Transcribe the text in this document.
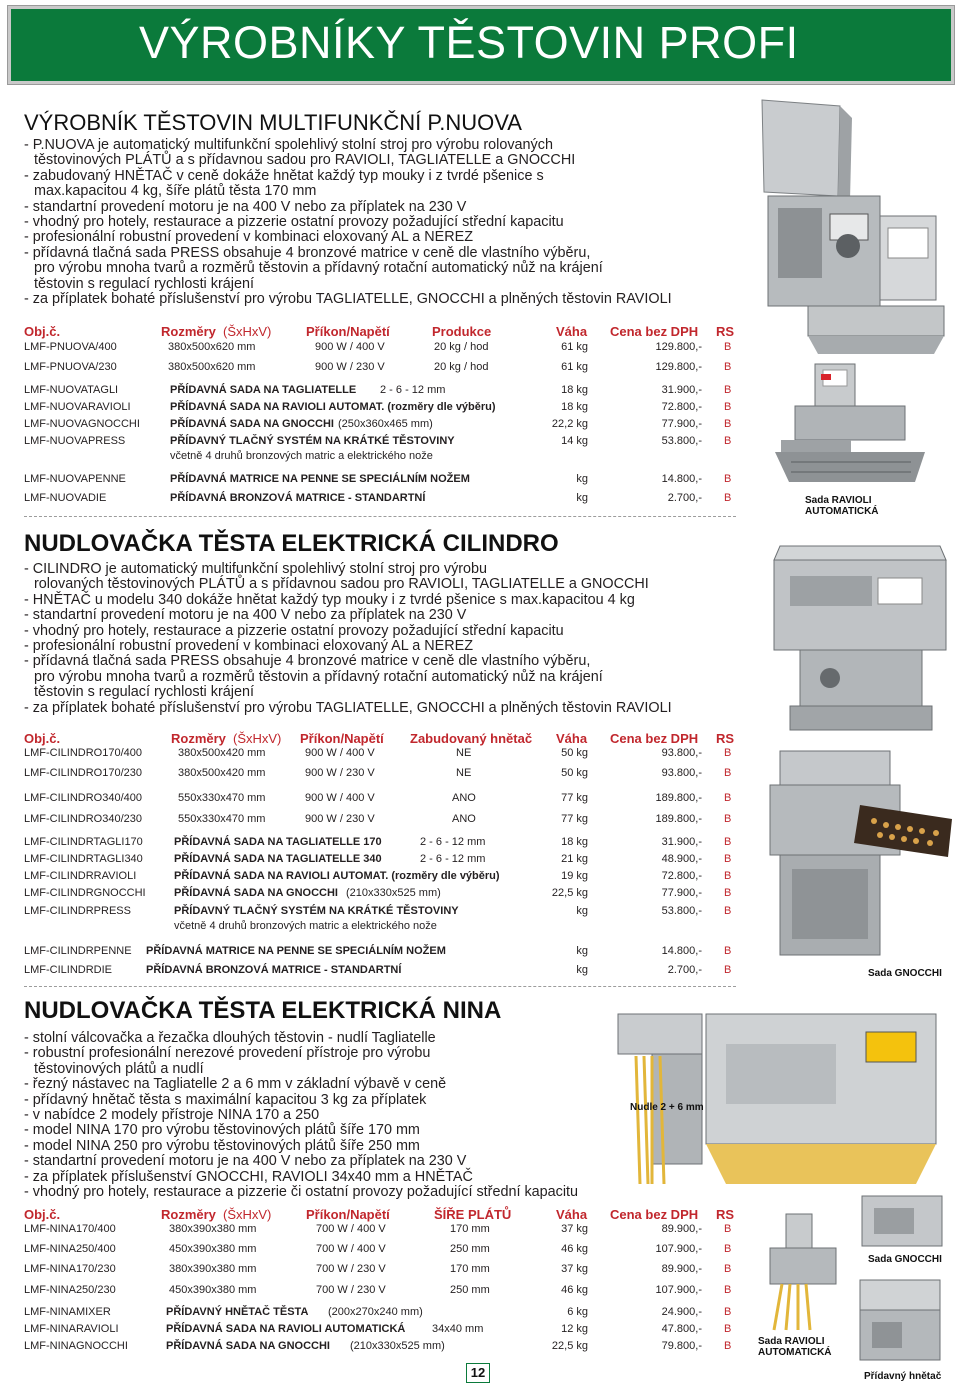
VÝROBNÍKY TĚSTOVIN PROFI
VÝROBNÍK TĚSTOVIN MULTIFUNKČNÍ P.NUOVA
- P.NUOVA je automatický multifunkční spolehlivý stolní stroj pro výrobu rolovaných
těstovinových PLÁTŮ a s přídavnou sadou pro RAVIOLI, TAGLIATELLE a GNOCCHI
- zabudovaný HNĚTAČ v ceně dokáže hnětat každý typ mouky i z tvrdé pšenice s
max.kapacitou 4 kg, šíře plátů těsta 170 mm
- standartní provedení motoru je na 400 V nebo za příplatek na 230 V
- vhodný pro hotely, restaurace a pizzerie ostatní provozy požadující střední kapacitu
- profesionální robustní provedení v kombinaci eloxovaný AL a NEREZ
- přídavná tlačná sada PRESS obsahuje 4 bronzové matrice v ceně dle vlastního výběru,
pro výrobu mnoha tvarů a rozměrů těstovin a přídavný rotační automatický nůž na krájení
těstovin s regulací rychlosti krájení
- za příplatek bohaté příslušenství pro výrobu TAGLIATELLE, GNOCCHI a plněných těstovin RAVIOLI
Obj.č.	Rozměry (ŠxHxV)	Příkon/Napětí	Produkce	Váha Cena bez DPH RS
LMF-PNUOVA/400	380x500x620 mm	900 W / 400 V	20 kg / hod	61 kg	129.800,- B
LMF-PNUOVA/230	380x500x620 mm	900 W / 230 V	20 kg / hod	61 kg	129.800,- B
LMF-NUOVATAGLI	PŘÍDAVNÁ SADA NA TAGLIATELLE 2 - 6 - 12 mm	18 kg	31.900,- B
LMF-NUOVARAVIOLI	PŘÍDAVNÁ SADA NA RAVIOLI AUTOMAT. (rozměry dle výběru)	18 kg	72.800,- B
LMF-NUOVAGNOCCHI	PŘÍDAVNÁ SADA NA GNOCCHI (250x360x465 mm)	22,2 kg	77.900,- B
LMF-NUOVAPRESS	PŘÍDAVNÝ TLAČNÝ SYSTÉM NA KRÁTKÉ TĚSTOVINY	14 kg	53.800,- B
včetně 4 druhů bronzových matric a elektrického nože
LMF-NUOVAPENNE	PŘÍDAVNÁ MATRICE NA PENNE SE SPECIÁLNÍM NOŽEM	kg	14.800,- B
LMF-NUOVADIE	PŘÍDAVNÁ BRONZOVÁ MATRICE - STANDARTNÍ	kg	2.700,- B
NUDLOVAČKA TĚSTA ELEKTRICKÁ CILINDRO
- CILINDRO je automatický multifunkční spolehlivý stolní stroj pro výrobu
rolovaných těstovinových PLÁTŮ a s přídavnou sadou pro RAVIOLI, TAGLIATELLE a GNOCCHI
- HNĚTAČ u modelu 340 dokáže hnětat každý typ mouky i z tvrdé pšenice s max.kapacitou 4 kg
- standartní provedení motoru je na 400 V nebo za příplatek na 230 V
- vhodný pro hotely, restaurace a pizzerie ostatní provozy požadující střední kapacitu
- profesionální robustní provedení v kombinaci eloxovaný AL a NEREZ
- přídavná tlačná sada PRESS obsahuje 4 bronzové matrice v ceně dle vlastního výběru,
pro výrobu mnoha tvarů a rozměrů těstovin a přídavný rotační automatický nůž na krájení
těstovin s regulací rychlosti krájení
- za příplatek bohaté příslušenství pro výrobu TAGLIATELLE, GNOCCHI a plněných těstovin RAVIOLI
Obj.č.	Rozměry (ŠxHxV) Příkon/Napětí Zabudovaný hnětač Váha Cena bez DPH RS
LMF-CILINDRO170/400	380x500x420 mm	900 W / 400 V	NE	50 kg	93.800,- B
LMF-CILINDRO170/230	380x500x420 mm	900 W / 230 V	NE	50 kg	93.800,- B
LMF-CILINDRO340/400	550x330x470 mm	900 W / 400 V	ANO	77 kg	189.800,- B
LMF-CILINDRO340/230	550x330x470 mm	900 W / 230 V	ANO	77 kg	189.800,- B
LMF-CILINDRTAGLI170	PŘÍDAVNÁ SADA NA TAGLIATELLE 170	2 - 6 - 12 mm	18 kg	31.900,- B
LMF-CILINDRTAGLI340	PŘÍDAVNÁ SADA NA TAGLIATELLE 340	2 - 6 - 12 mm	21 kg	48.900,- B
LMF-CILINDRRAVIOLI	PŘÍDAVNÁ SADA NA RAVIOLI AUTOMAT. (rozměry dle výběru)	19 kg	72.800,- B
LMF-CILINDRGNOCCHI	PŘÍDAVNÁ SADA NA GNOCCHI (210x330x525 mm)	22,5 kg	77.900,- B
LMF-CILINDRPRESS	PŘÍDAVNÝ TLAČNÝ SYSTÉM NA KRÁTKÉ TĚSTOVINY	kg	53.800,- B
včetně 4 druhů bronzových matric a elektrického nože
LMF-CILINDRPENNE PŘÍDAVNÁ MATRICE NA PENNE SE SPECIÁLNÍM NOŽEM	kg	14.800,- B
LMF-CILINDRDIE	PŘÍDAVNÁ BRONZOVÁ MATRICE - STANDARTNÍ	kg	2.700,- B
NUDLOVAČKA TĚSTA ELEKTRICKÁ NINA
- stolní válcovačka a řezačka dlouhých těstovin - nudlí Tagliatelle
- robustní profesionální nerezové provedení přístroje pro výrobu
těstovinových plátů a nudlí
- řezný nástavec na Tagliatelle 2 a 6 mm v základní výbavě v ceně
- přídavný hnětač těsta s maximální kapacitou 3 kg za příplatek
- v nabídce 2 modely přístroje NINA 170 a 250
- model NINA 170 pro výrobu těstovinových plátů šíře 170 mm
- model NINA 250 pro výrobu těstovinových plátů šíře 250 mm
- standartní provedení motoru je na 400 V nebo za příplatek na 230 V
- za příplatek příslušenství GNOCCHI, RAVIOLI 34x40 mm a HNĚTAČ
- vhodný pro hotely, restaurace a pizzerie či ostatní provozy požadující střední kapacitu
Obj.č.	Rozměry (ŠxHxV)	Příkon/Napětí	ŠÍŘE PLÁTŮ	Váha Cena bez DPH RS
LMF-NINA170/400	380x390x380 mm	700 W / 400 V	170 mm	37 kg	89.900,- B
LMF-NINA250/400	450x390x380 mm	700 W / 400 V	250 mm	46 kg	107.900,- B
LMF-NINA170/230	380x390x380 mm	700 W / 230 V	170 mm	37 kg	89.900,- B
LMF-NINA250/230	450x390x380 mm	700 W / 230 V	250 mm	46 kg	107.900,- B
LMF-NINAMIXER	PŘÍDAVNÝ HNĚTAČ TĚSTA (200x270x240 mm)	6 kg	24.900,- B
LMF-NINARAVIOLI	PŘÍDAVNÁ SADA NA RAVIOLI AUTOMATICKÁ 34x40 mm	12 kg	47.800,- B
LMF-NINAGNOCCHI	PŘÍDAVNÁ SADA NA GNOCCHI (210x330x525 mm)	22,5 kg	79.800,- B
12
Sada RAVIOLI
AUTOMATICKÁ
Sada GNOCCHI
Nudle 2 + 6 mm
Sada GNOCCHI
Sada RAVIOLI
AUTOMATICKÁ
Přídavný hnětač
